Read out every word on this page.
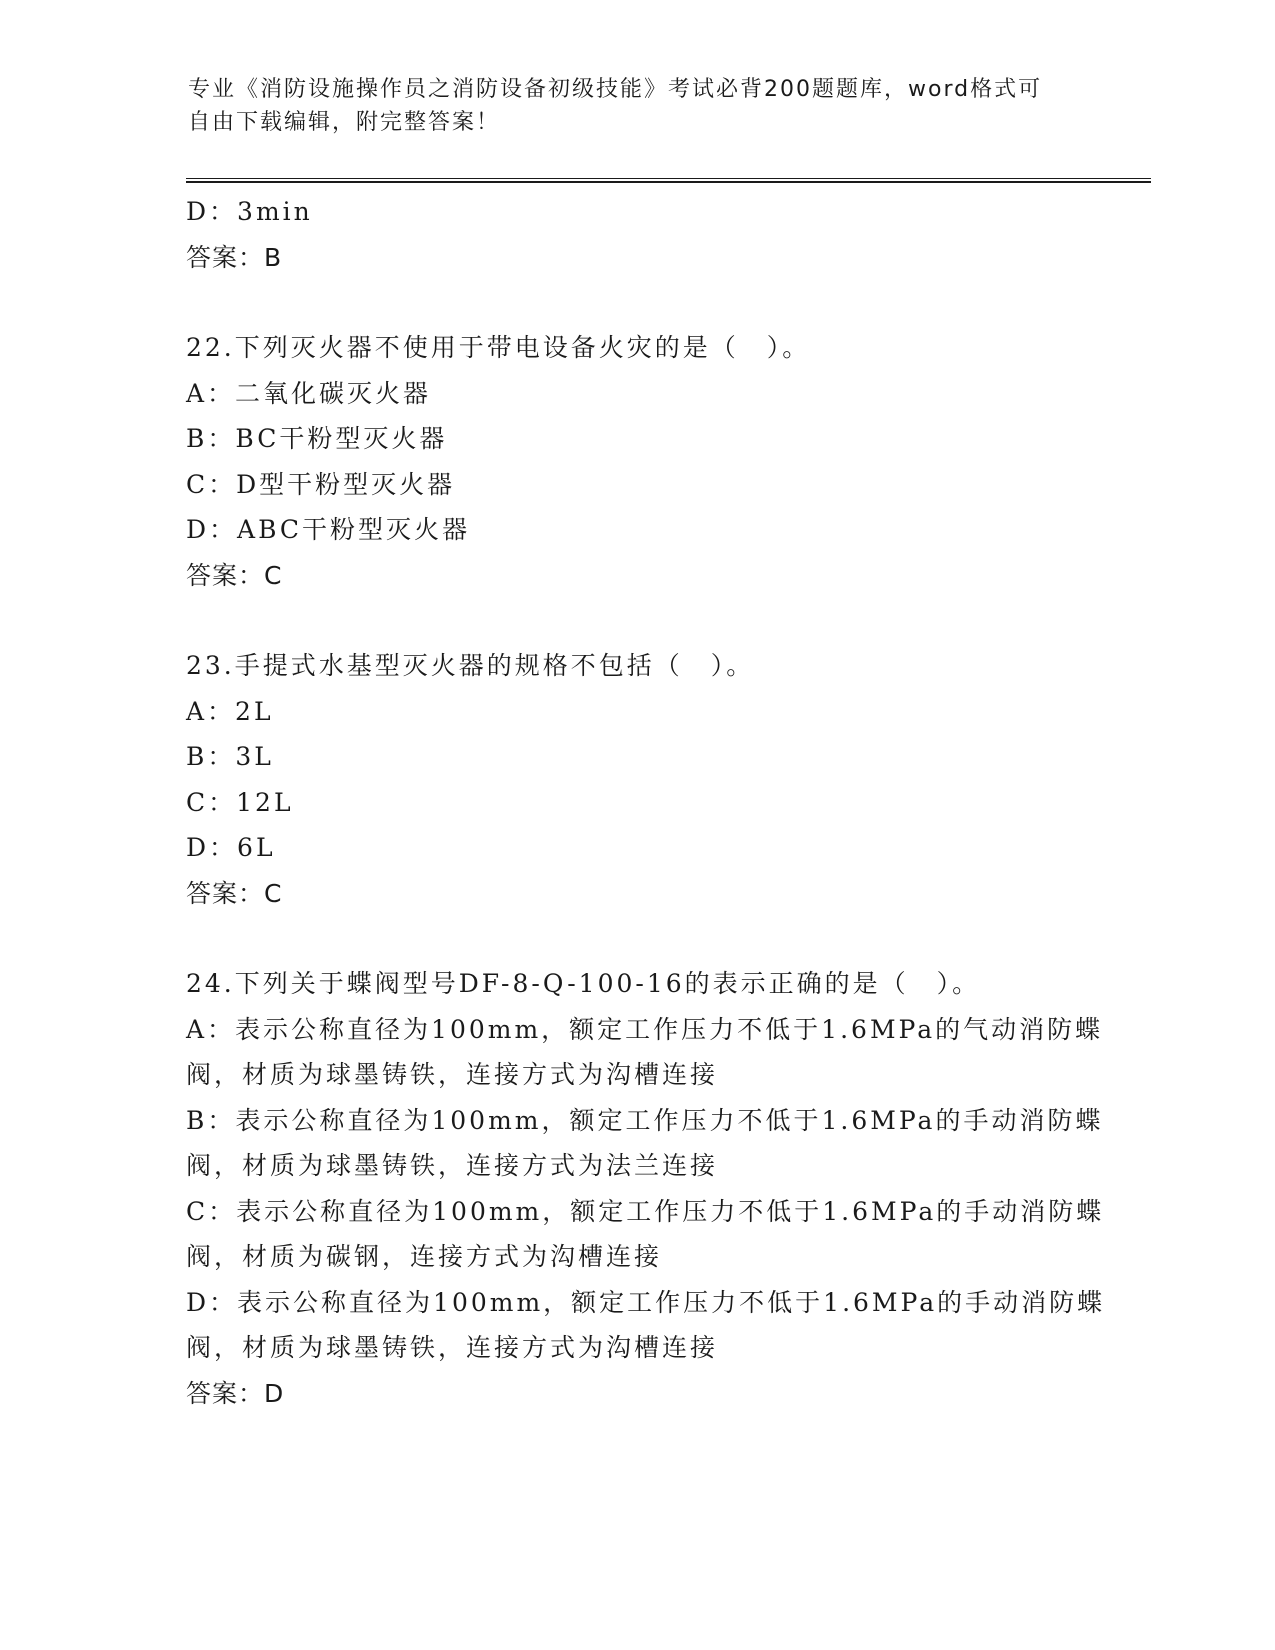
专业《消防设施操作员之消防设备初级技能》考试必背200题题库，word格式可
自由下载编辑，附完整答案！
D：3min
答案：B
22.下列灭火器不使用于带电设备火灾的是（　）。
A：二氧化碳灭火器
B：BC干粉型灭火器
C：D型干粉型灭火器
D：ABC干粉型灭火器
答案：C
23.手提式水基型灭火器的规格不包括（　）。
A：2L
B：3L
C：12L
D：6L
答案：C
24.下列关于蝶阀型号DF-8-Q-100-16的表示正确的是（　）。
A：表示公称直径为100mm，额定工作压力不低于1.6MPa的气动消防蝶
阀，材质为球墨铸铁，连接方式为沟槽连接
B：表示公称直径为100mm，额定工作压力不低于1.6MPa的手动消防蝶
阀，材质为球墨铸铁，连接方式为法兰连接
C：表示公称直径为100mm，额定工作压力不低于1.6MPa的手动消防蝶
阀，材质为碳钢，连接方式为沟槽连接
D：表示公称直径为100mm，额定工作压力不低于1.6MPa的手动消防蝶
阀，材质为球墨铸铁，连接方式为沟槽连接
答案：D
